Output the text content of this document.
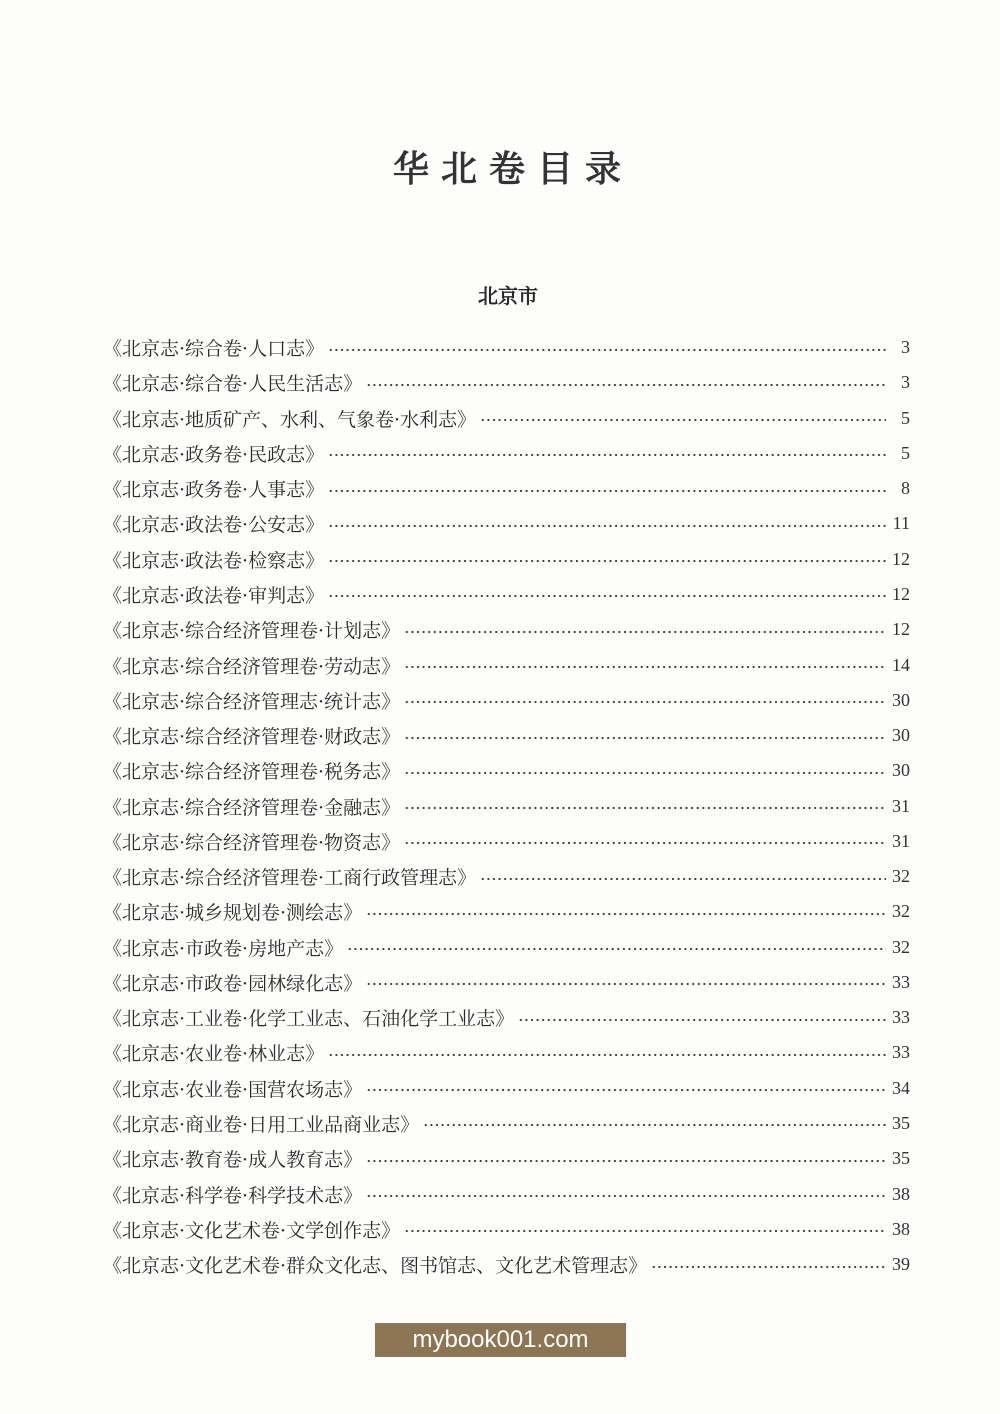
华北卷目录
北京市
《北京志·综合卷·人口志》	3
《北京志·综合卷·人民生活志》	3
《北京志·地质矿产、水利、气象卷·水利志》	5
《北京志·政务卷·民政志》	5
《北京志·政务卷·人事志》	8
《北京志·政法卷·公安志》	11
《北京志·政法卷·检察志》	12
《北京志·政法卷·审判志》	12
《北京志·综合经济管理卷·计划志》	12
《北京志·综合经济管理卷·劳动志》	14
《北京志·综合经济管理志·统计志》	30
《北京志·综合经济管理卷·财政志》	30
《北京志·综合经济管理卷·税务志》	30
《北京志·综合经济管理卷·金融志》	31
《北京志·综合经济管理卷·物资志》	31
《北京志·综合经济管理卷·工商行政管理志》	32
《北京志·城乡规划卷·测绘志》	32
《北京志·市政卷·房地产志》	32
《北京志·市政卷·园林绿化志》	33
《北京志·工业卷·化学工业志、石油化学工业志》	33
《北京志·农业卷·林业志》	33
《北京志·农业卷·国营农场志》	34
《北京志·商业卷·日用工业品商业志》	35
《北京志·教育卷·成人教育志》	35
《北京志·科学卷·科学技术志》	38
《北京志·文化艺术卷·文学创作志》	38
《北京志·文化艺术卷·群众文化志、图书馆志、文化艺术管理志》	39
mybook001.com
